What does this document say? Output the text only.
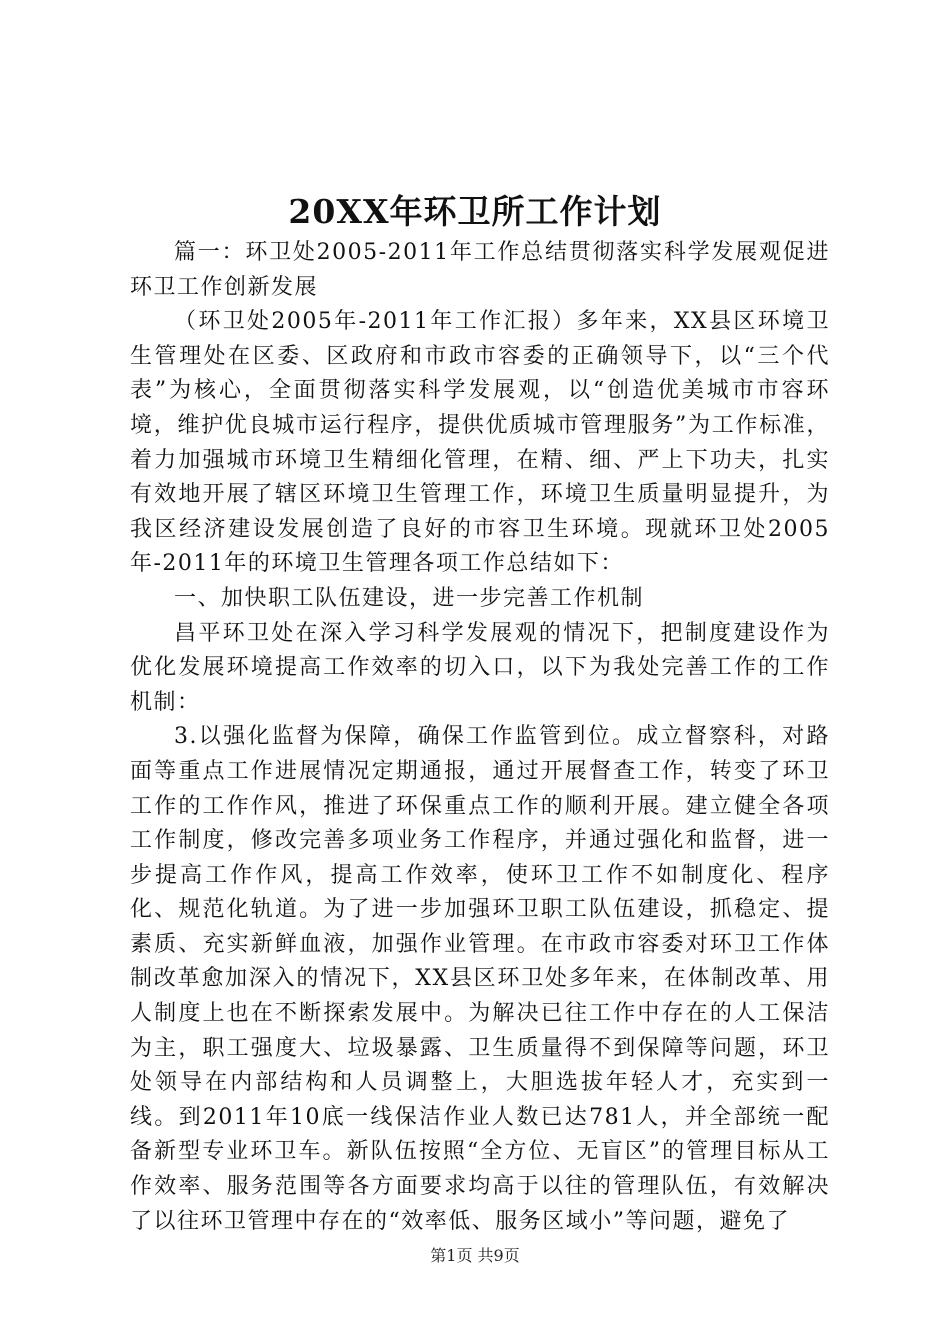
20XX年环卫所工作计划

篇一：环卫处2005-2011年工作总结贯彻落实科学发展观促进环卫工作创新发展

（环卫处2005年-2011年工作汇报）多年来，XX县区环境卫生管理处在区委、区政府和市政市容委的正确领导下，以“三个代表”为核心，全面贯彻落实科学发展观，以“创造优美城市市容环境，维护优良城市运行程序，提供优质城市管理服务”为工作标准，着力加强城市环境卫生精细化管理，在精、细、严上下功夫，扎实有效地开展了辖区环境卫生管理工作，环境卫生质量明显提升，为我区经济建设发展创造了良好的市容卫生环境。现就环卫处2005年-2011年的环境卫生管理各项工作总结如下：

一、加快职工队伍建设，进一步完善工作机制

昌平环卫处在深入学习科学发展观的情况下，把制度建设作为优化发展环境提高工作效率的切入口，以下为我处完善工作的工作机制：

3.以强化监督为保障，确保工作监管到位。成立督察科，对路面等重点工作进展情况定期通报，通过开展督查工作，转变了环卫工作的工作作风，推进了环保重点工作的顺利开展。建立健全各项工作制度，修改完善多项业务工作程序，并通过强化和监督，进一步提高工作作风，提高工作效率，使环卫工作不如制度化、程序化、规范化轨道。为了进一步加强环卫职工队伍建设，抓稳定、提素质、充实新鲜血液，加强作业管理。在市政市容委对环卫工作体制改革愈加深入的情况下，XX县区环卫处多年来，在体制改革、用人制度上也在不断探索发展中。为解决已往工作中存在的人工保洁为主，职工强度大、垃圾暴露、卫生质量得不到保障等问题，环卫处领导在内部结构和人员调整上，大胆选拔年轻人才，充实到一线。到2011年10底一线保洁作业人数已达781人，并全部统一配备新型专业环卫车。新队伍按照“全方位、无盲区”的管理目标从工作效率、服务范围等各方面要求均高于以往的管理队伍，有效解决了以往环卫管理中存在的“效率低、服务区域小”等问题，避免了

第1页 共9页
